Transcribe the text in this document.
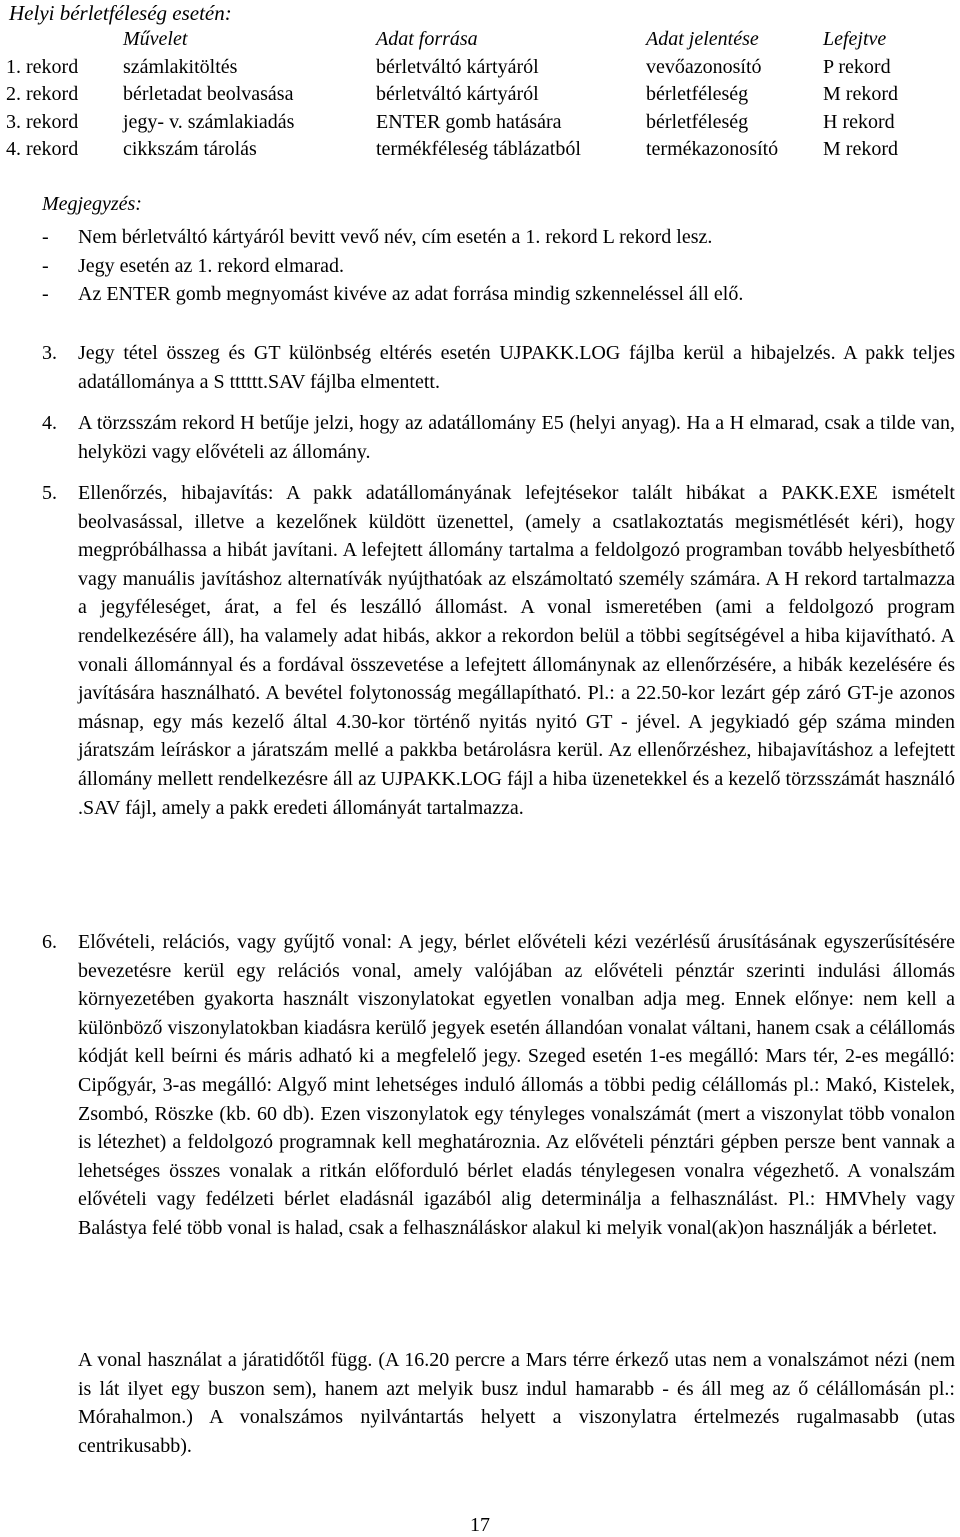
Helyi bérletféleség esetén:
	Művelet	Adat forrása	Adat jelentése	Lefejtve
1. rekord	számlakitöltés	bérletváltó kártyáról	vevőazonosító	P rekord
2. rekord	bérletadat beolvasása	bérletváltó kártyáról	bérletféleség	M rekord
3. rekord	jegy- v. számlakiadás	ENTER gomb hatására	bérletféleség	H rekord
4. rekord	cikkszám tárolás	termékféleség táblázatból	termékazonosító	M rekord
Megjegyzés:
- Nem bérletváltó kártyáról bevitt vevő név, cím esetén a 1. rekord L rekord lesz.
- Jegy esetén az 1. rekord elmarad.
- Az ENTER gomb megnyomást kivéve az adat forrása mindig szkenneléssel áll elő.
3. Jegy tétel összeg és GT különbség eltérés esetén UJPAKK.LOG fájlba kerül a hibajelzés. A pakk teljes adatállománya a S tttttt.SAV fájlba elmentett.
4. A törzsszám rekord H betűje jelzi, hogy az adatállomány E5 (helyi anyag). Ha a H elmarad, csak a tilde van, helyközi vagy elővételi az állomány.
5. Ellenőrzés, hibajavítás: A pakk adatállományának lefejtésekor talált hibákat a PAKK.EXE ismételt beolvasással, illetve a kezelőnek küldött üzenettel, (amely a csatlakoztatás megismétlését kéri), hogy megpróbálhassa a hibát javítani. A lefejtett állomány tartalma a feldolgozó programban tovább helyesbíthető vagy manuális javításhoz alternatívák nyújthatóak az elszámoltató személy számára. A H rekord tartalmazza a jegyféleséget, árat, a fel és leszálló állomást. A vonal ismeretében (ami a feldolgozó program rendelkezésére áll), ha valamely adat hibás, akkor a rekordon belül a többi segítségével a hiba kijavítható. A vonali állománnyal és a fordával összevetése a lefejtett állománynak az ellenőrzésére, a hibák kezelésére és javítására használható. A bevétel folytonosság megállapítható. Pl.: a 22.50-kor lezárt gép záró GT-je azonos másnap, egy más kezelő által 4.30-kor történő nyitás nyitó GT - jével. A jegykiadó gép száma minden járatszám leíráskor a járatszám mellé a pakkba betárolásra kerül. Az ellenőrzéshez, hibajavításhoz a lefejtett állomány mellett rendelkezésre áll az UJPAKK.LOG fájl a hiba üzenetekkel és a kezelő törzsszámát használó .SAV fájl, amely a pakk eredeti állományát tartalmazza.
6. Elővételi, relációs, vagy gyűjtő vonal: A jegy, bérlet elővételi kézi vezérlésű árusításának egyszerűsítésére bevezetésre kerül egy relációs vonal, amely valójában az elővételi pénztár szerinti indulási állomás környezetében gyakorta használt viszonylatokat egyetlen vonalban adja meg. Ennek előnye: nem kell a különböző viszonylatokban kiadásra kerülő jegyek esetén állandóan vonalat váltani, hanem csak a célállomás kódját kell beírni és máris adható ki a megfelelő jegy. Szeged esetén 1-es megálló: Mars tér, 2-es megálló: Cipőgyár, 3-as megálló: Algyő mint lehetséges induló állomás a többi pedig célállomás pl.: Makó, Kistelek, Zsombó, Röszke (kb. 60 db). Ezen viszonylatok egy tényleges vonalszámát (mert a viszonylat több vonalon is létezhet) a feldolgozó programnak kell meghatároznia. Az elővételi pénztári gépben persze bent vannak a lehetséges összes vonalak a ritkán előforduló bérlet eladás ténylegesen vonalra végezhető. A vonalszám elővételi vagy fedélzeti bérlet eladásnál igazából alig determinálja a felhasználást. Pl.: HMVhely vagy Balástya felé több vonal is halad, csak a felhasználáskor alakul ki melyik vonal(ak)on használják a bérletet.
A vonal használat a járatidőtől függ. (A 16.20 percre a Mars térre érkező utas nem a vonalszámot nézi (nem is lát ilyet egy buszon sem), hanem azt melyik busz indul hamarabb - és áll meg az ő célállomásán pl.: Mórahalmon.) A vonalszámos nyilvántartás helyett a viszonylatra értelmezés rugalmasabb (utas centrikusabb).
17
